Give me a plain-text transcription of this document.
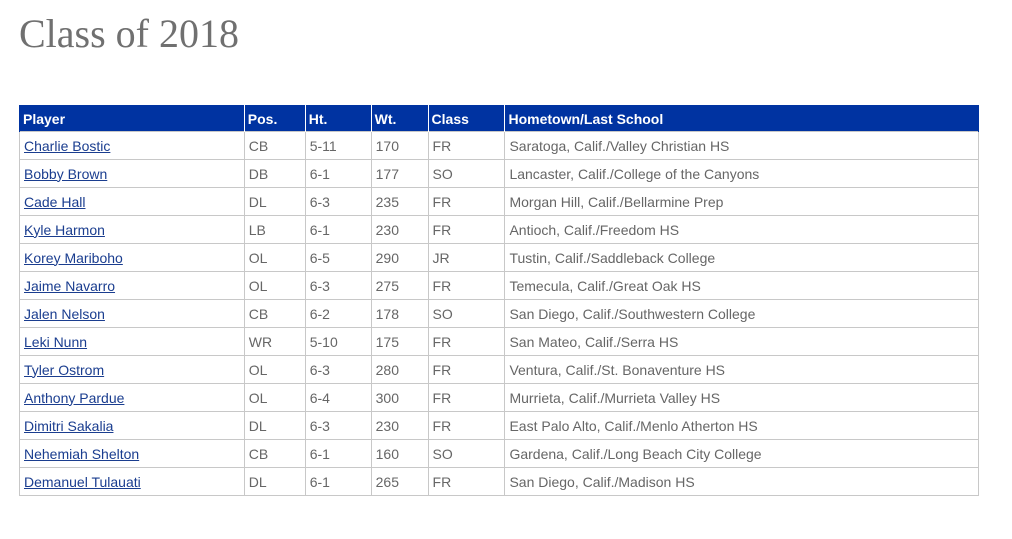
Class of 2018
Player	Pos.	Ht.	Wt.	Class	Hometown/Last School
Charlie Bostic	CB	5-11	170	FR	Saratoga, Calif./Valley Christian HS
Bobby Brown	DB	6-1	177	SO	Lancaster, Calif./College of the Canyons
Cade Hall	DL	6-3	235	FR	Morgan Hill, Calif./Bellarmine Prep
Kyle Harmon	LB	6-1	230	FR	Antioch, Calif./Freedom HS
Korey Mariboho	OL	6-5	290	JR	Tustin, Calif./Saddleback College
Jaime Navarro	OL	6-3	275	FR	Temecula, Calif./Great Oak HS
Jalen Nelson	CB	6-2	178	SO	San Diego, Calif./Southwestern College
Leki Nunn	WR	5-10	175	FR	San Mateo, Calif./Serra HS
Tyler Ostrom	OL	6-3	280	FR	Ventura, Calif./St. Bonaventure HS
Anthony Pardue	OL	6-4	300	FR	Murrieta, Calif./Murrieta Valley HS
Dimitri Sakalia	DL	6-3	230	FR	East Palo Alto, Calif./Menlo Atherton HS
Nehemiah Shelton	CB	6-1	160	SO	Gardena, Calif./Long Beach City College
Demanuel Tulauati	DL	6-1	265	FR	San Diego, Calif./Madison HS
